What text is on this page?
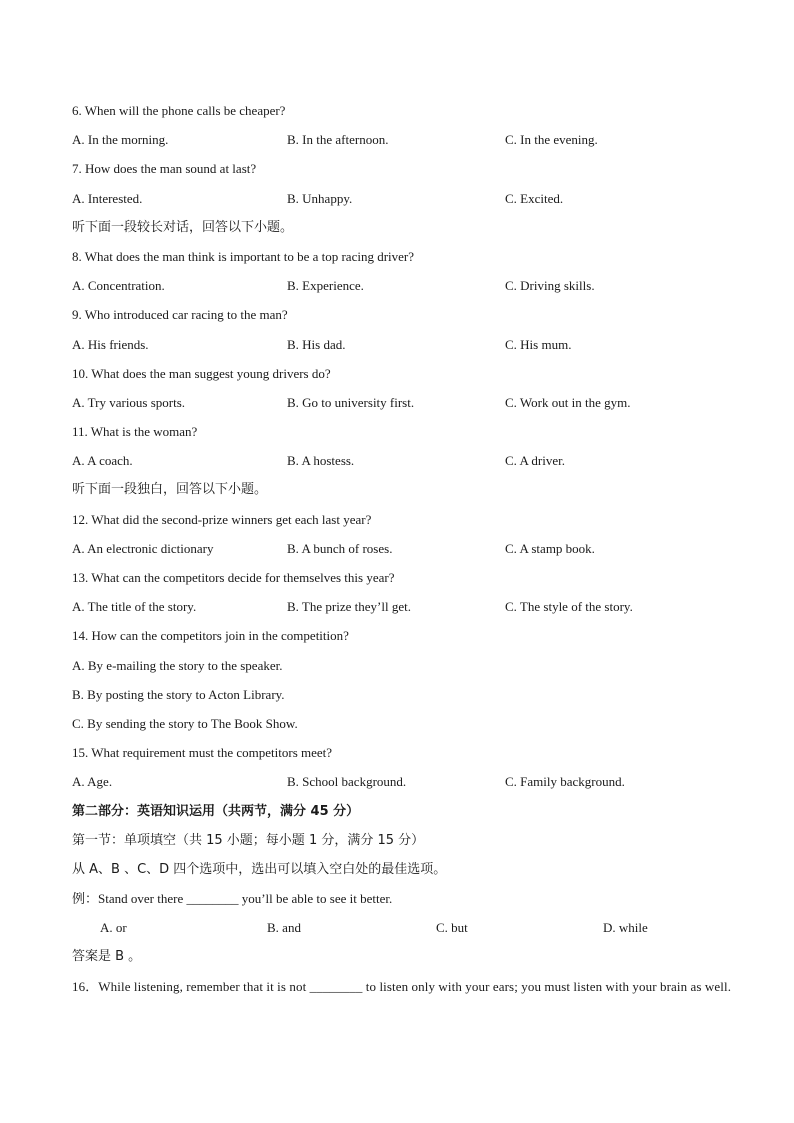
6. When will the phone calls be cheaper?
A. In the morning.	B. In the afternoon.	C. In the evening.
7. How does the man sound at last?
A. Interested.	B. Unhappy.	C. Excited.
听下面一段较长对话，回答以下小题。
8. What does the man think is important to be a top racing driver?
A. Concentration.	B. Experience.	C. Driving skills.
9. Who introduced car racing to the man?
A. His friends.	B. His dad.	C. His mum.
10. What does the man suggest young drivers do?
A. Try various sports.	B. Go to university first.	C. Work out in the gym.
11. What is the woman?
A. A coach.	B. A hostess.	C. A driver.
听下面一段独白，回答以下小题。
12. What did the second-prize winners get each last year?
A. An electronic dictionary	B. A bunch of roses.	C. A stamp book.
13. What can the competitors decide for themselves this year?
A. The title of the story.	B. The prize they’ll get.	C. The style of the story.
14. How can the competitors join in the competition?
A. By e-mailing the story to the speaker.
B. By posting the story to Acton Library.
C. By sending the story to The Book Show.
15. What requirement must the competitors meet?
A. Age.	B. School background.	C. Family background.
第二部分：英语知识运用（共两节，满分 45 分）
第一节：单项填空（共 15 小题；每小题 1 分，满分 15 分）
从 A、B 、C、D 四个选项中，选出可以填入空白处的最佳选项。
例：Stand over there ________ you’ll be able to see it better.
A. or	B. and	C. but	D. while
答案是 B 。
16．While listening, remember that it is not ________ to listen only with your ears; you must listen with your brain as well.
